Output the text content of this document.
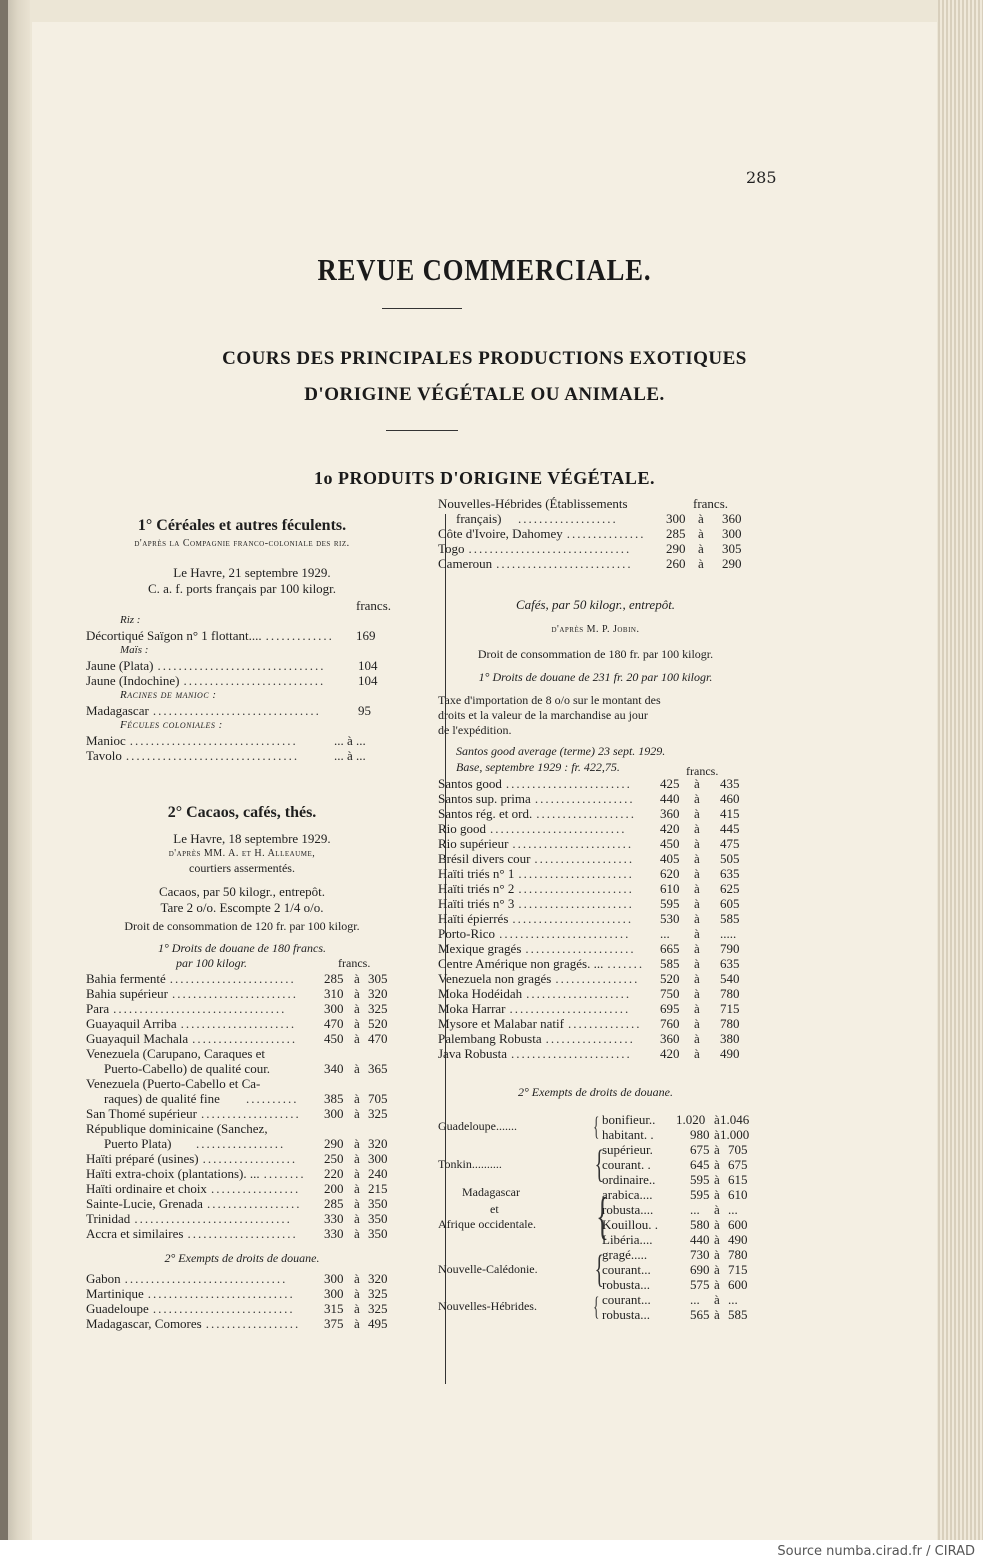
285
REVUE COMMERCIALE.
COURS DES PRINCIPALES PRODUCTIONS EXOTIQUES
D'ORIGINE VÉGÉTALE OU ANIMALE.
1o PRODUITS D'ORIGINE VÉGÉTALE.
1° Céréales et autres féculents.
d'après la Compagnie franco-coloniale des riz.
Le Havre, 21 septembre 1929.
C. a. f. ports français par 100 kilogr.
francs.
Riz :
Décortiqué Saïgon n° 1 flottant.... .............	169
Maïs :
Jaune (Plata) ................................	104
Jaune (Indochine) ...........................	104
Racines de manioc :
Madagascar ................................	95
Fécules coloniales :
Manioc ................................	... à ...
Tavolo .................................	... à ...
2° Cacaos, cafés, thés.
Le Havre, 18 septembre 1929.
d'après MM. A. et H. Alleaume,
courtiers assermentés.
Cacaos, par 50 kilogr., entrepôt.
Tare 2 o/o. Escompte 2 1/4 o/o.
Droit de consommation de 120 fr. par 100 kilogr.
1° Droits de douane de 180 francs.
par 100 kilogr.	francs.
Bahia fermenté ........................	285 à 305
Bahia supérieur ........................	310 à 320
Para .................................	300 à 325
Guayaquil Arriba ......................	470 à 520
Guayaquil Machala ....................	450 à 470
Venezuela (Carupano, Caraques et
Puerto-Cabello) de qualité cour.	340 à 365
Venezuela (Puerto-Cabello et Ca-
raques) de qualité fine ..........	385 à 705
San Thomé supérieur ...................	300 à 325
République dominicaine (Sanchez,
Puerto Plata) .................	290 à 320
Haïti préparé (usines) ..................	250 à 300
Haïti extra-choix (plantations). ... ........	220 à 240
Haïti ordinaire et choix .................	200 à 215
Sainte-Lucie, Grenada ..................	285 à 350
Trinidad ..............................	330 à 350
Accra et similaires .....................	330 à 350
2° Exempts de droits de douane.
Gabon ...............................	300 à 320
Martinique ............................	300 à 325
Guadeloupe ...........................	315 à 325
Madagascar, Comores ..................	375 à 495
Nouvelles-Hébrides (Établissements	francs.
français) ...................	300 à 360
Côte d'Ivoire, Dahomey ...............	285 à 300
Togo ...............................	290 à 305
Cameroun ..........................	260 à 290
Cafés, par 50 kilogr., entrepôt.
d'après M. P. Jobin.
Droit de consommation de 180 fr. par 100 kilogr.
1° Droits de douane de 231 fr. 20 par 100 kilogr.
Taxe d'importation de 8 o/o sur le montant des
droits et la valeur de la marchandise au jour
de l'expédition.
Santos good average (terme) 23 sept. 1929.
Base, septembre 1929 : fr. 422,75.	francs.
Santos good ........................	425 à 435
Santos sup. prima ...................	440 à 460
Santos rég. et ord. ...................	360 à 415
Rio good ..........................	420 à 445
Rio supérieur .......................	450 à 475
Brésil divers cour ...................	405 à 505
Haïti triés n° 1 ......................	620 à 635
Haïti triés n° 2 ......................	610 à 625
Haïti triés n° 3 ......................	595 à 605
Haïti épierrés .......................	530 à 585
Porto-Rico .........................	... à .....
Mexique gragés .....................	665 à 790
Centre Amérique non gragés. ... .......	585 à 635
Venezuela non gragés ................	520 à 540
Moka Hodéidah ....................	750 à 780
Moka Harrar .......................	695 à 715
Mysore et Malabar natif ..............	760 à 780
Palembang Robusta .................	360 à 380
Java Robusta .......................	420 à 490
2° Exempts de droits de douane.
Guadeloupe.......	{ bonifieur.. 1.020 à 1.046
habitant. .	980 à 1.000
Tonkin.......... {
supérieur.	675 à 705
courant. .	645 à 675
ordinaire..	595 à 615
Madagascar
et
Afrique occidentale. {
arabica....	595 à 610
robusta....	... à ...
Kouillou. . 580 à 600
Libéria....	440 à 490
Nouvelle-Calédonie. {
gragé.....	730 à 780
courant...	690 à 715
robusta...	575 à 600
Nouvelles-Hébrides. { courant...	... à ...
robusta...	565 à 585
Source numba.cirad.fr / CIRAD
